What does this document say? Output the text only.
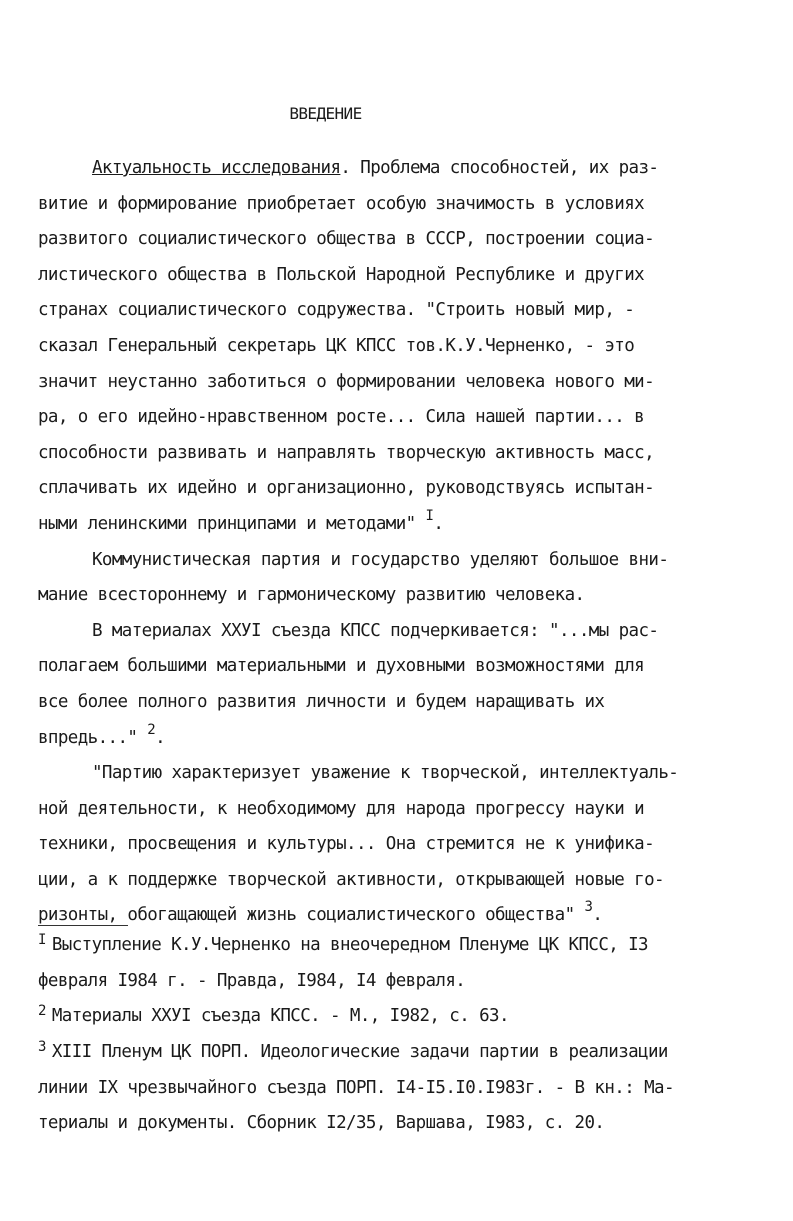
ВВЕДЕНИЕ
Актуальность исследования. Проблема способностей, их раз-
витие и формирование приобретает особую значимость в условиях
развитого социалистического общества в СССР, построении социа-
листического общества в Польской Народной Республике и других
странах социалистического содружества. "Строить новый мир, -
сказал Генеральный секретарь ЦК КПСС тов.К.У.Черненко, - это
значит неустанно заботиться о формировании человека нового ми-
ра, о его идейно-нравственном росте... Сила нашей партии... в
способности развивать и направлять творческую активность масс,
сплачивать их идейно и организационно, руководствуясь испытан-
ными ленинскими принципами и методами" $^I$.
Коммунистическая партия и государство уделяют большое вни-
мание всестороннему и гармоническому развитию человека.
В материалах XXУI съезда КПСС подчеркивается: "...мы рас-
полагаем большими материальными и духовными возможностями для
все более полного развития личности и будем наращивать их
впредь..." $^2$.
"Партию характеризует уважение к творческой, интеллектуаль-
ной деятельности, к необходимому для народа прогрессу науки и
техники, просвещения и культуры... Она стремится не к унифика-
ции, а к поддержке творческой активности, открывающей новые го-
ризонты, обогащающей жизнь социалистического общества" $^3$.
$^I$ Выступление К.У.Черненко на внеочередном Пленуме ЦК КПСС, I3
февраля I984 г. - Правда, I984, I4 февраля.
$^2$ Материалы XXУI съезда КПСС. - М., I982, с. 63.
$^3$ XIII Пленум ЦК ПОРП. Идеологические задачи партии в реализации
линии IX чрезвычайного съезда ПОРП. I4-I5.I0.I983г. - В кн.: Ма-
териалы и документы. Сборник I2/35, Варшава, I983, с. 20.
